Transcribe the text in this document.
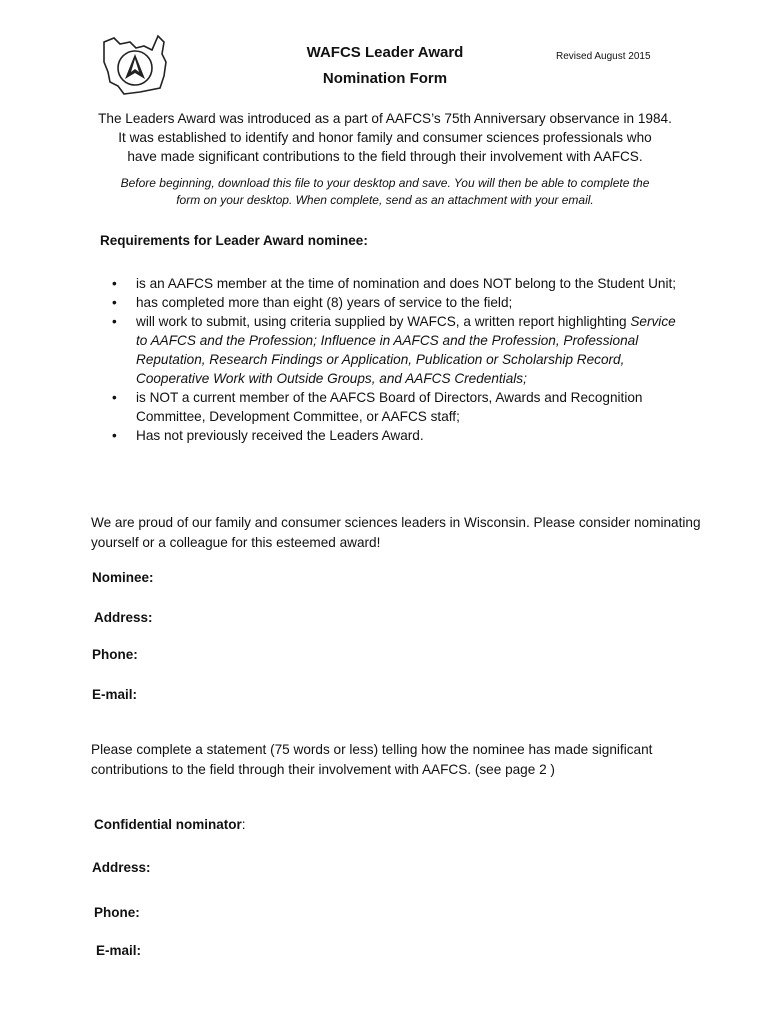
WAFCS Leader Award
Nomination Form
Revised August 2015
The Leaders Award was introduced as a part of AAFCS’s 75th Anniversary observance in 1984.
It was established to identify and honor family and consumer sciences professionals who
have made significant contributions to the field through their involvement with AAFCS.
Before beginning, download this file to your desktop and save. You will then be able to complete the
form on your desktop. When complete, send as an attachment with your email.
Requirements for Leader Award nominee:
• is an AAFCS member at the time of nomination and does NOT belong to the Student Unit;
• has completed more than eight (8) years of service to the field;
• will work to submit, using criteria supplied by WAFCS, a written report highlighting Service to AAFCS and the Profession; Influence in AAFCS and the Profession, Professional Reputation, Research Findings or Application, Publication or Scholarship Record, Cooperative Work with Outside Groups, and AAFCS Credentials;
• is NOT a current member of the AAFCS Board of Directors, Awards and Recognition Committee, Development Committee, or AAFCS staff;
• Has not previously received the Leaders Award.
We are proud of our family and consumer sciences leaders in Wisconsin. Please consider nominating yourself or a colleague for this esteemed award!
Nominee:
Address:
Phone:
E-mail:
Please complete a statement (75 words or less) telling how the nominee has made significant contributions to the field through their involvement with AAFCS. (see page 2 )
Confidential nominator:
Address:
Phone:
E-mail:
